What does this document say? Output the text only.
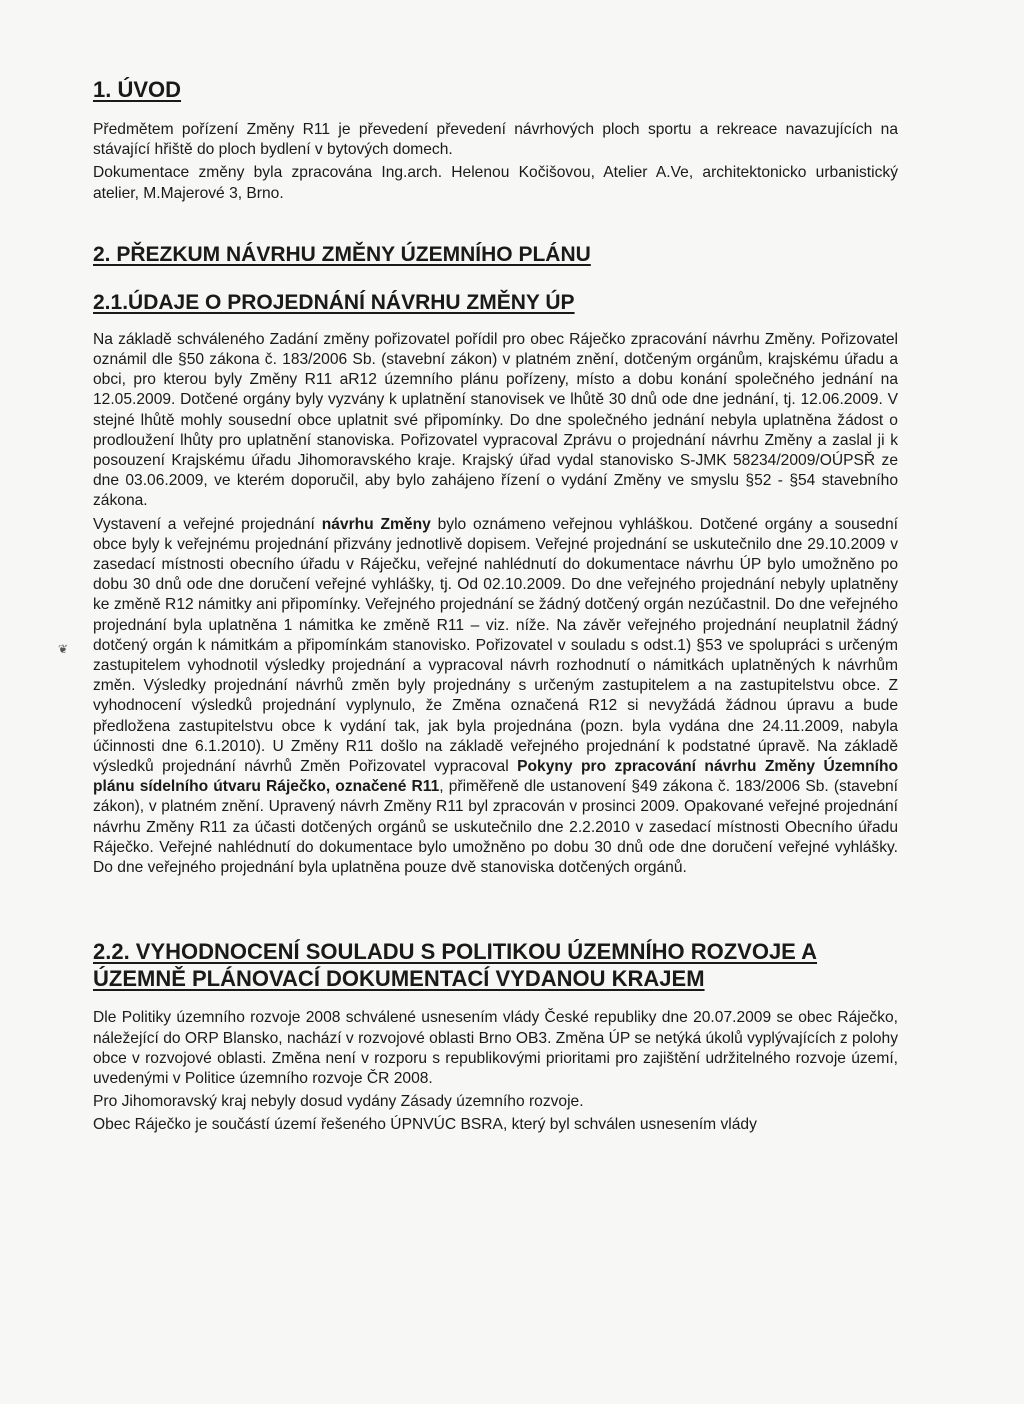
1. ÚVOD

Předmětem pořízení Změny R11 je převedení převedení návrhových ploch sportu a rekreace navazujících na stávající hřiště do ploch bydlení v bytových domech.

Dokumentace změny byla zpracována Ing.arch. Helenou Kočišovou, Atelier A.Ve, architektonicko urbanistický atelier, M.Majerové 3, Brno.

2. PŘEZKUM NÁVRHU ZMĚNY ÚZEMNÍHO PLÁNU
2.1.ÚDAJE O PROJEDNÁNÍ NÁVRHU ZMĚNY ÚP

Na základě schváleného Zadání změny pořizovatel pořídil pro obec Ráječko zpracování návrhu Změny. Pořizovatel oznámil dle §50 zákona č. 183/2006 Sb. (stavební zákon) v platném znění, dotčeným orgánům, krajskému úřadu a obci, pro kterou byly Změny R11 aR12 územního plánu pořízeny, místo a dobu konání společného jednání na 12.05.2009. Dotčené orgány byly vyzvány k uplatnění stanovisek ve lhůtě 30 dnů ode dne jednání, tj. 12.06.2009. V stejné lhůtě mohly sousední obce uplatnit své připomínky. Do dne společného jednání nebyla uplatněna žádost o prodloužení lhůty pro uplatnění stanoviska. Pořizovatel vypracoval Zprávu o projednání návrhu Změny a zaslal ji k posouzení Krajskému úřadu Jihomoravského kraje. Krajský úřad vydal stanovisko S-JMK 58234/2009/OÚPSŘ ze dne 03.06.2009, ve kterém doporučil, aby bylo zahájeno řízení o vydání Změny ve smyslu §52 - §54 stavebního zákona.

Vystavení a veřejné projednání návrhu Změny bylo oznámeno veřejnou vyhláškou. Dotčené orgány a sousední obce byly k veřejnému projednání přizvány jednotlivě dopisem. Veřejné projednání se uskutečnilo dne 29.10.2009 v zasedací místnosti obecního úřadu v Ráječku, veřejné nahlédnutí do dokumentace návrhu ÚP bylo umožněno po dobu 30 dnů ode dne doručení veřejné vyhlášky, tj. Od 02.10.2009. Do dne veřejného projednání nebyly uplatněny ke změně R12 námitky ani připomínky. Veřejného projednání se žádný dotčený orgán nezúčastnil. Do dne veřejného projednání byla uplatněna 1 námitka ke změně R11 – viz. níže. Na závěr veřejného projednání neuplatnil žádný dotčený orgán k námitkám a připomínkám stanovisko. Pořizovatel v souladu s odst.1) §53 ve spolupráci s určeným zastupitelem vyhodnotil výsledky projednání a vypracoval návrh rozhodnutí o námitkách uplatněných k návrhům změn. Výsledky projednání návrhů změn byly projednány s určeným zastupitelem a na zastupitelstvu obce. Z vyhodnocení výsledků projednání vyplynulo, že Změna označená R12 si nevyžádá žádnou úpravu a bude předložena zastupitelstvu obce k vydání tak, jak byla projednána (pozn. byla vydána dne 24.11.2009, nabyla účinnosti dne 6.1.2010). U Změny R11 došlo na základě veřejného projednání k podstatné úpravě. Na základě výsledků projednání návrhů Změn Pořizovatel vypracoval Pokyny pro zpracování návrhu Změny Územního plánu sídelního útvaru Ráječko, označené R11, přiměřeně dle ustanovení §49 zákona č. 183/2006 Sb. (stavební zákon), v platném znění. Upravený návrh Změny R11 byl zpracován v prosinci 2009. Opakované veřejné projednání návrhu Změny R11 za účasti dotčených orgánů se uskutečnilo dne 2.2.2010 v zasedací místnosti Obecního úřadu Ráječko. Veřejné nahlédnutí do dokumentace bylo umožněno po dobu 30 dnů ode dne doručení veřejné vyhlášky. Do dne veřejného projednání byla uplatněna pouze dvě stanoviska dotčených orgánů.

2.2. VYHODNOCENÍ SOULADU S POLITIKOU ÚZEMNÍHO ROZVOJE A
ÚZEMNĚ PLÁNOVACÍ DOKUMENTACÍ VYDANOU KRAJEM

Dle Politiky územního rozvoje 2008 schválené usnesením vlády České republiky dne 20.07.2009 se obec Ráječko, náležející do ORP Blansko, nachází v rozvojové oblasti Brno OB3. Změna ÚP se netýká úkolů vyplývajících z polohy obce v rozvojové oblasti. Změna není v rozporu s republikovými prioritami pro zajištění udržitelného rozvoje území, uvedenými v Politice územního rozvoje ČR 2008.

Pro Jihomoravský kraj nebyly dosud vydány Zásady územního rozvoje.

Obec Ráječko je součástí území řešeného ÚPNVÚC BSRA, který byl schválen usnesením vlády

❦
